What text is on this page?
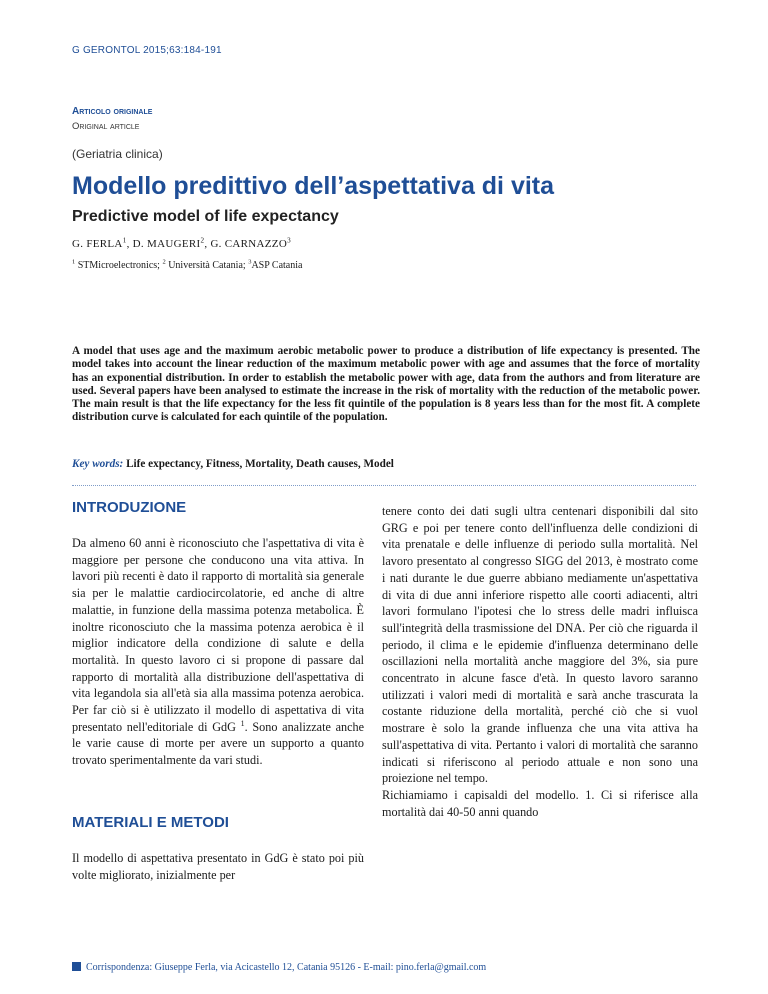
G GERONTOL 2015;63:184-191
Articolo originale
Original article
(Geriatria clinica)
Modello predittivo dell’aspettativa di vita
Predictive model of life expectancy
G. FERLA$^1$, D. MAUGERI$^2$, G. CARNAZZO$^3$
$^1$ STMicroelectronics; $^2$ Università Catania; $^3$ASP Catania
A model that uses age and the maximum aerobic metabolic power to produce a distribution of life expectancy is presented. The model takes into account the linear reduction of the maximum metabolic power with age and assumes that the force of mortality has an exponential distribution. In order to establish the metabolic power with age, data from the authors and from literature are used. Several papers have been analysed to estimate the increase in the risk of mortality with the reduction of the metabolic power. The main result is that the life expectancy for the less fit quintile of the population is 8 years less than for the most fit. A complete distribution curve is calculated for each quintile of the population.
Key words: Life expectancy, Fitness, Mortality, Death causes, Model
INTRODUZIONE

Da almeno 60 anni è riconosciuto che l'aspettativa di vita è maggiore per persone che conducono una vita attiva. In lavori più recenti è dato il rapporto di mortalità sia generale sia per le malattie cardiocircolatorie, ed anche di altre malattie, in funzione della massima potenza metabolica. È inoltre riconosciuto che la massima potenza aerobica è il miglior indicatore della condizione di salute e della mortalità. In questo lavoro ci si propone di passare dal rapporto di mortalità alla distribuzione dell'aspettativa di vita legandola sia all'età sia alla massima potenza aerobica. Per far ciò si è utilizzato il modello di aspettativa di vita presentato nell'editoriale di GdG $^1$. Sono analizzate anche le varie cause di morte per avere un supporto a quanto trovato sperimentalmente da vari studi.

MATERIALI E METODI

Il modello di aspettativa presentato in GdG è stato poi più volte migliorato, inizialmente per

tenere conto dei dati sugli ultra centenari disponibili dal sito GRG e poi per tenere conto dell'influenza delle condizioni di vita prenatale e delle influenze di periodo sulla mortalità. Nel lavoro presentato al congresso SIGG del 2013, è mostrato come i nati durante le due guerre abbiano mediamente un'aspettativa di vita di due anni inferiore rispetto alle coorti adiacenti, altri lavori formulano l'ipotesi che lo stress delle madri influisca sull'integrità della trasmissione del DNA. Per ciò che riguarda il periodo, il clima e le epidemie d'influenza determinano delle oscillazioni nella mortalità anche maggiore del 3%, sia pure concentrato in alcune fasce d'età. In questo lavoro saranno utilizzati i valori medi di mortalità e sarà anche trascurata la costante riduzione della mortalità, perché ciò che si vuol mostrare è solo la grande influenza che una vita attiva ha sull'aspettativa di vita. Pertanto i valori di mortalità che saranno indicati si riferiscono al periodo attuale e non sono una proiezione nel tempo.

Richiamiamo i capisaldi del modello. 1. Ci si riferisce alla mortalità dai 40-50 anni quando

Corrispondenza: Giuseppe Ferla, via Acicastello 12, Catania 95126 - E-mail: pino.ferla@gmail.com
